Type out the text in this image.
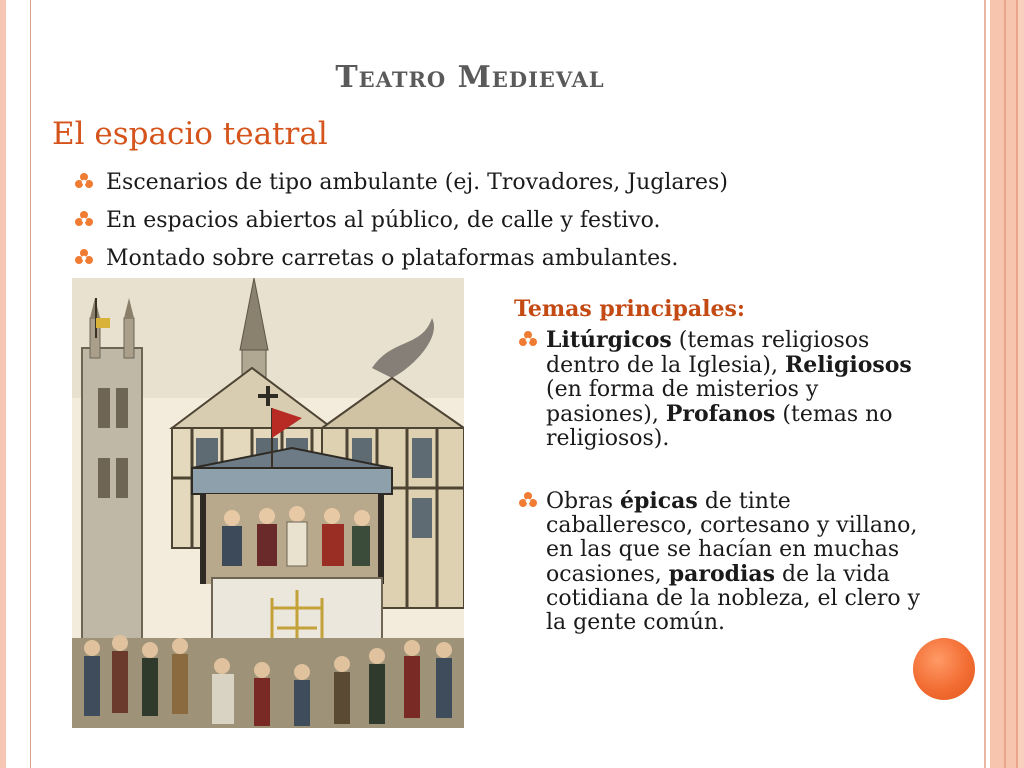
Teatro Medieval
El espacio teatral
Escenarios de tipo ambulante (ej. Trovadores, Juglares)
En espacios abiertos al público, de calle y festivo.
Montado sobre carretas o plataformas ambulantes.

Temas principales:

Litúrgicos (temas religiosos dentro de la Iglesia), Religiosos (en forma de misterios y pasiones), Profanos (temas no religiosos).
Obras épicas de tinte caballeresco, cortesano y villano, en las que se hacían en muchas ocasiones, parodias de la vida cotidiana de la nobleza, el clero y la gente común.
